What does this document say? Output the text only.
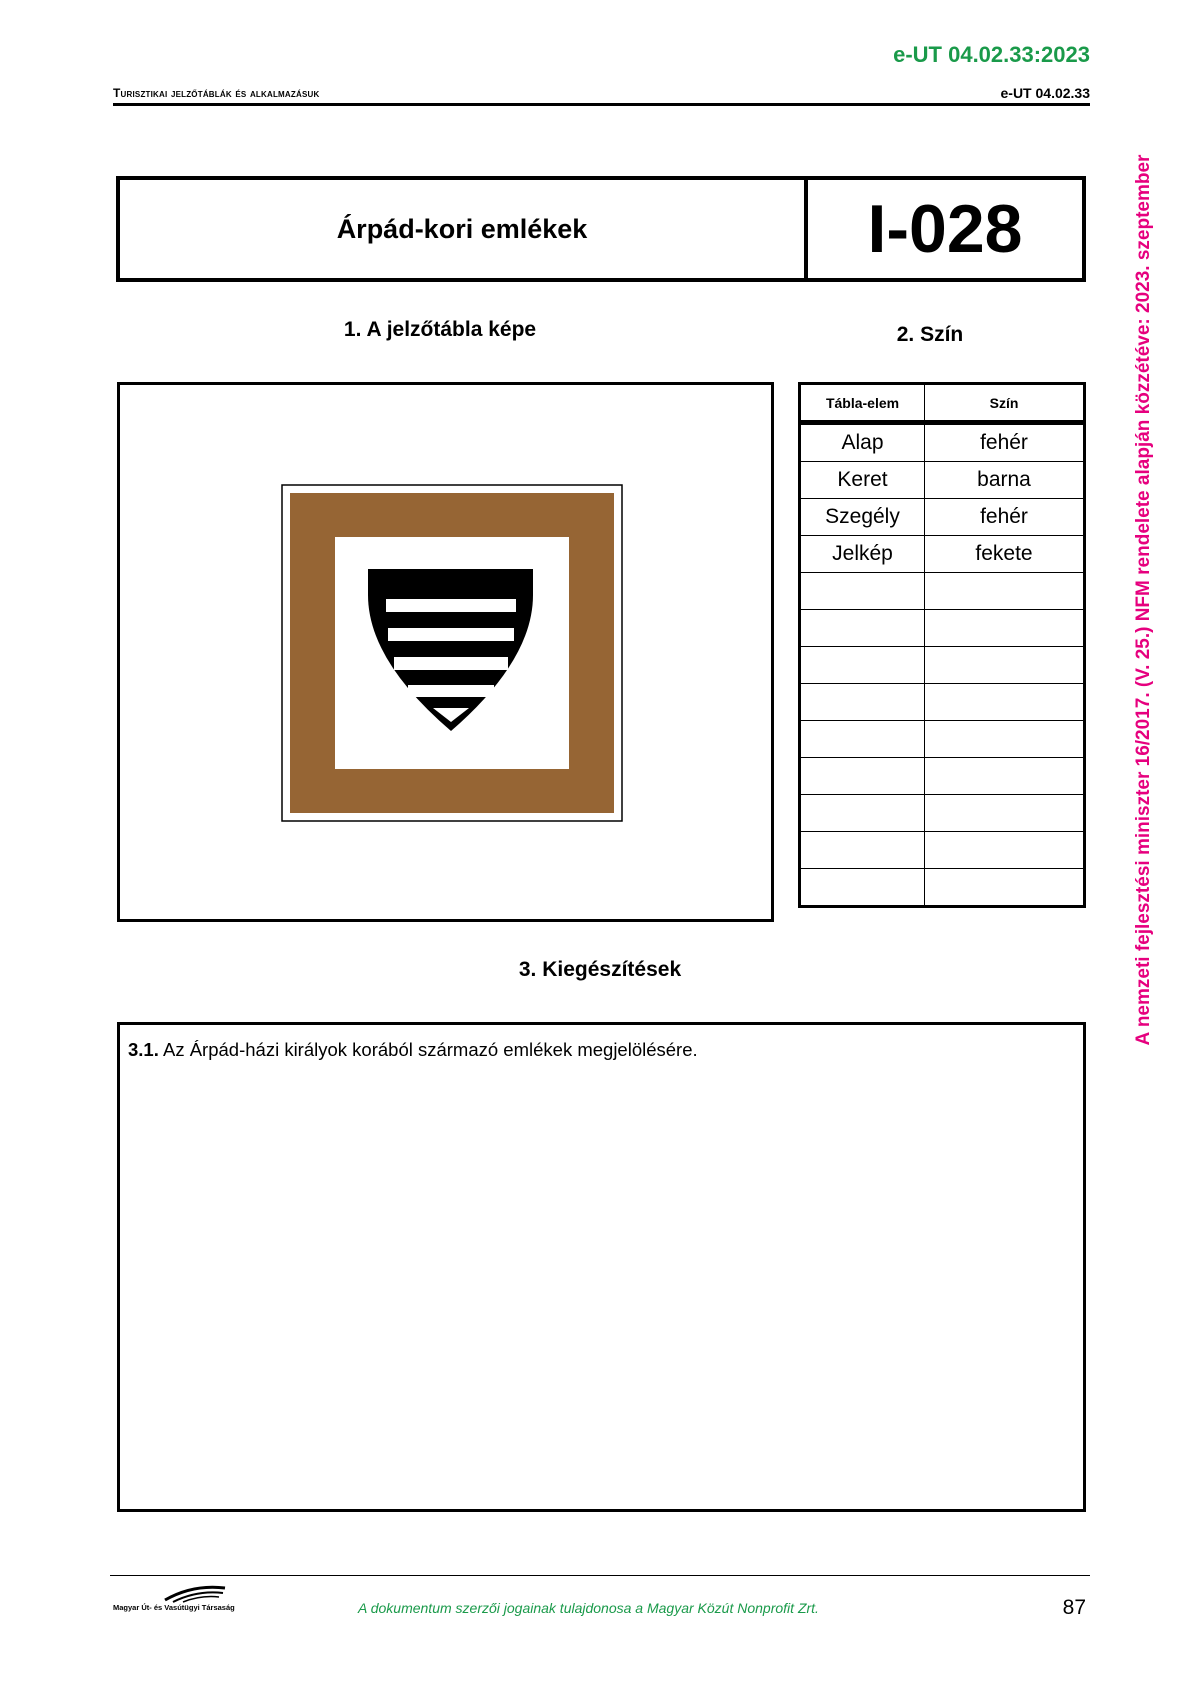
e-UT 04.02.33:2023
Turisztikai jelzőtáblák és alkalmazásuk	e-UT 04.02.33
Árpád-kori emlékek	I-028
1. A jelzőtábla képe	2. Szín
Tábla-elem	Szín
Alap	fehér
Keret	barna
Szegély	fehér
Jelkép	fekete

3. Kiegészítések
3.1. Az Árpád-házi királyok korából származó emlékek megjelölésére.
A nemzeti fejlesztési miniszter 16/2017. (V. 25.) NFM rendelete alapján közzétéve: 2023. szeptember
Magyar Út- és Vasútügyi Társaság	A dokumentum szerzői jogainak tulajdonosa a Magyar Közút Nonprofit Zrt.	87
